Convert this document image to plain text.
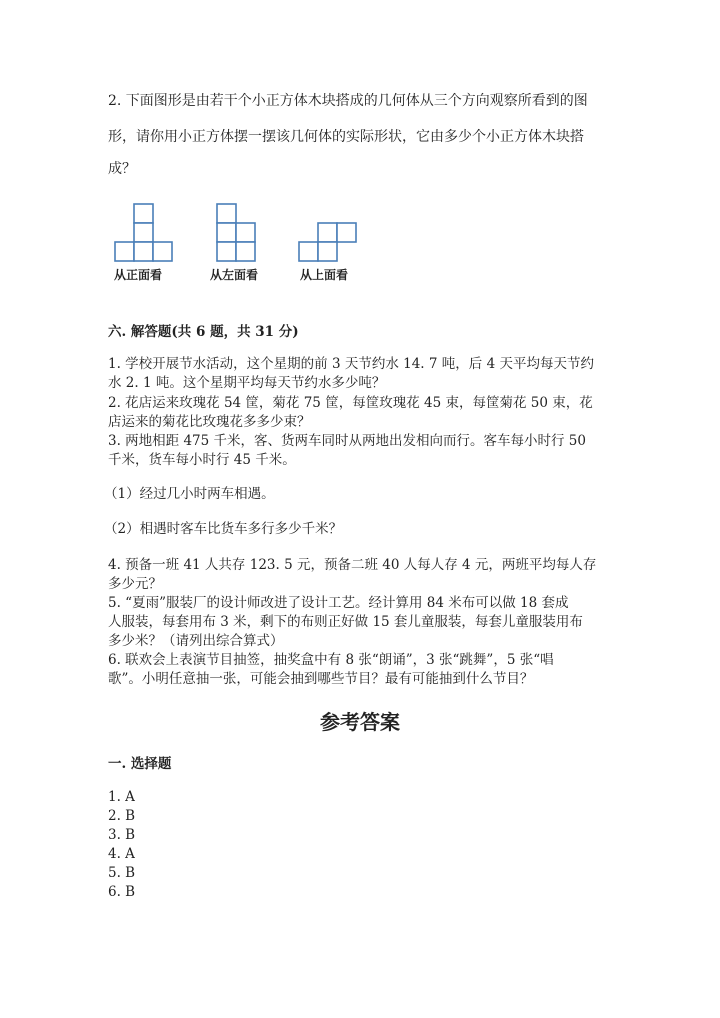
2. 下面图形是由若干个小正方体木块搭成的几何体从三个方向观察所看到的图
形，请你用小正方体摆一摆该几何体的实际形状，它由多少个小正方体木块搭
成？
从正面看	从左面看	从上面看
六. 解答题(共 6 题，共 31 分)
1. 学校开展节水活动，这个星期的前 3 天节约水 14. 7 吨，后 4 天平均每天节约
水 2. 1 吨。这个星期平均每天节约水多少吨？
2. 花店运来玫瑰花 54 筐，菊花 75 筐，每筐玫瑰花 45 束，每筐菊花 50 束，花
店运来的菊花比玫瑰花多多少束？
3. 两地相距 475 千米，客、货两车同时从两地出发相向而行。客车每小时行 50
千米，货车每小时行 45 千米。
（1）经过几小时两车相遇。
（2）相遇时客车比货车多行多少千米？
4. 预备一班 41 人共存 123. 5 元，预备二班 40 人每人存 4 元，两班平均每人存
多少元？
5. “夏雨”服装厂的设计师改进了设计工艺。经计算用 84 米布可以做 18 套成
人服装，每套用布 3 米，剩下的布则正好做 15 套儿童服装，每套儿童服装用布
多少米？（请列出综合算式）
6. 联欢会上表演节目抽签，抽奖盒中有 8 张“朗诵”，3 张“跳舞”，5 张“唱
歌”。小明任意抽一张，可能会抽到哪些节目？最有可能抽到什么节目？
参考答案
一. 选择题
1. A
2. B
3. B
4. A
5. B
6. B
